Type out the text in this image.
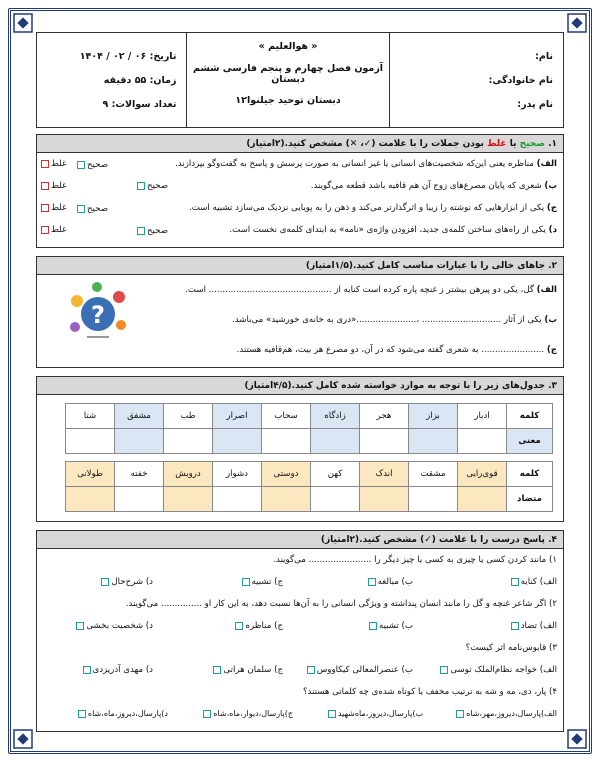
نام:
نام خانوادگی:
نام پدر:
« هوالعلیم »
آزمون فصل چهارم و پنجم فارسی ششم دبستان
دبستان توحید جیلنوا۱۲
تاریخ: ۰۶ / ۰۲ / ۱۴۰۴
زمان: ۵۵ دقیقه
تعداد سوالات: ۹
۱. صحیح یا غلط بودن جملات را با علامت (✓، ✕) مشخص کنید.(۲امتیاز)
الف) مناظره یعنی این‌که شخصیت‌های انسانی یا غیر انسانی به صورت پرسش و پاسخ به گفت‌وگو بپردازند.
غلط
ب) شعری که پایان مصرع‌های زوج آن هم قافیه باشد قطعه می‌گویند.
صحیح
غلط
ج) یکی از ابزارهایی که نوشته را زیبا و اثرگذارتر می‌کند و ذهن را به پویایی نزدیک می‌سازد تشبیه است.
غلط
د) یکی از راه‌های ساختن کلمه‌ی جدید، افزودن واژه‌ی «نامه» به ابتدای کلمه‌ی نخست است.
غلط
صحیح
صحیح
صحیح
۲. جاهای خالی را با عبارات مناسب کامل کنید.(۱/۵امتیاز)
الف) گل، یکی دو پیرهن بیشتر ز غنچه پاره کرده است کنایه از ............................................. است.
ب) یکی از آثار ............................. ،......................«دری به خانه‌ی خورشید» می‌باشد.
ج) ....................... به شعری گفته می‌شود که در آن، دو مصرع هر بیت، هم‌قافیه هستند.
?
۳. جدول‌های زیر را با توجه به موارد خواسته شده کامل کنید.(۴/۵امتیاز)
کلمه	ادبار	بزاز	هجر	زادگاه	سحاب	اصرار	طب	مشفق	شتا
معنی									
کلمه	قوی‌رایی	مشقت	اندک	کهن	دوستی	دشوار	درویش	خفته	طولانی
متضاد									
۴. پاسخ درست را با علامت (✓) مشخص کنید.(۲امتیاز)
۱) مانند کردن کسی یا چیزی به کسی یا چیز دیگر را ....................... می‌گویند.
الف) کنایه
ب) مبالغه
ج) تشبیه
د) شرح‌حال
۲) اگر شاعر غنچه و گل را مانند انسان پنداشته و ویژگی انسانی را به آن‌ها نسبت دهد، به این کار او ............... می‌گویند.
الف) تضاد
ب) تشبیه
ج) مناظره
د) شخصیت بخشی
۳) قابوس‌نامه اثر کیست؟
الف) خواجه نظام‌الملک توسی
ب) عنصرالمعالی کیکاووس
ج) سلمان هراتی
د) مهدی آذریزدی
۴) پار، دی، مه و شه به ترتیب مخفف یا کوتاه شده‌ی چه کلماتی هستند؟
الف)پارسال،دیروز،مهر،شاه
ب)پارسال،دیروز،ماه‌شهید
ج)پارسال،دیوار،ماه،شاه
د)پارسال،دیروز،ماه،شاه
